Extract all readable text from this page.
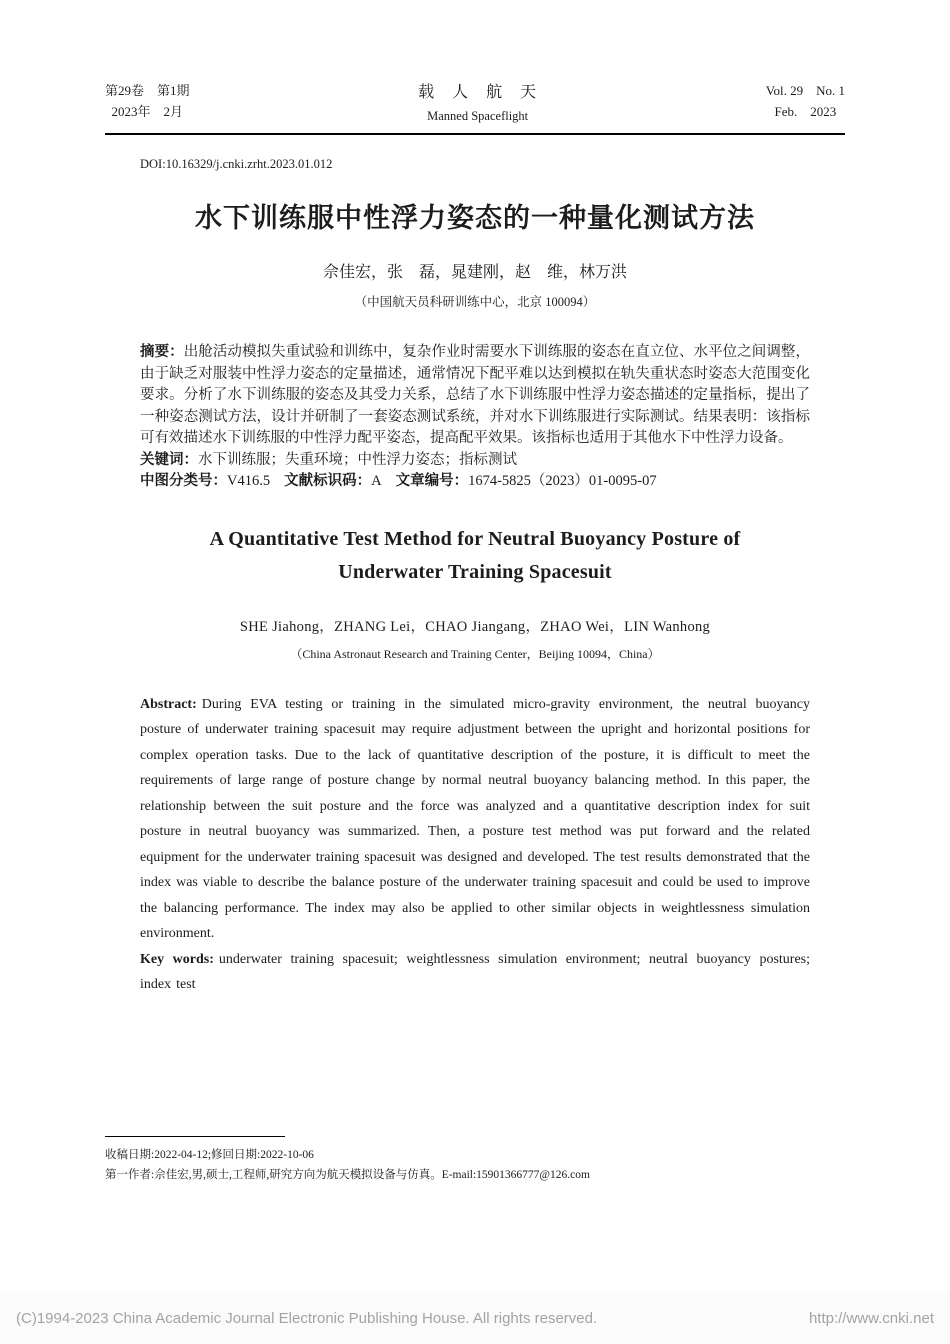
第29卷　第1期
2023年　2月
载　人　航　天
Manned Spaceflight
Vol. 29　No. 1
Feb.　2023
DOI:10.16329/j.cnki.zrht.2023.01.012
水下训练服中性浮力姿态的一种量化测试方法
佘佳宏，张　磊，晁建刚，赵　维，林万洪
（中国航天员科研训练中心，北京 100094）

摘要：出舱活动模拟失重试验和训练中，复杂作业时需要水下训练服的姿态在直立位、水平位之间调整，由于缺乏对服装中性浮力姿态的定量描述，通常情况下配平难以达到模拟在轨失重状态时姿态大范围变化要求。分析了水下训练服的姿态及其受力关系，总结了水下训练服中性浮力姿态描述的定量指标，提出了一种姿态测试方法，设计并研制了一套姿态测试系统，并对水下训练服进行实际测试。结果表明：该指标可有效描述水下训练服的中性浮力配平姿态，提高配平效果。该指标也适用于其他水下中性浮力设备。

关键词：水下训练服；失重环境；中性浮力姿态；指标测试

中图分类号：V416.5 文献标识码：A 文章编号：1674-5825（2023）01-0095-07

A Quantitative Test Method for Neutral Buoyancy Posture of
Underwater Training Spacesuit
SHE Jiahong，ZHANG Lei，CHAO Jiangang，ZHAO Wei，LIN Wanhong
（China Astronaut Research and Training Center，Beijing 10094，China）

Abstract: During EVA testing or training in the simulated micro-gravity environment, the neutral buoyancy posture of underwater training spacesuit may require adjustment between the upright and horizontal positions for complex operation tasks. Due to the lack of quantitative description of the posture, it is difficult to meet the requirements of large range of posture change by normal neutral buoyancy balancing method. In this paper, the relationship between the suit posture and the force was analyzed and a quantitative description index for suit posture in neutral buoyancy was summarized. Then, a posture test method was put forward and the related equipment for the underwater training spacesuit was designed and developed. The test results demonstrated that the index was viable to describe the balance posture of the underwater training spacesuit and could be used to improve the balancing performance. The index may also be applied to other similar objects in weightlessness simulation environment.

Key words: underwater training spacesuit; weightlessness simulation environment; neutral buoyancy postures; index test

收稿日期:2022-04-12;修回日期:2022-10-06
第一作者:佘佳宏,男,硕士,工程师,研究方向为航天模拟设备与仿真。E-mail:15901366777@126.com
(C)1994-2023 China Academic Journal Electronic Publishing House. All rights reserved.	http://www.cnki.net
